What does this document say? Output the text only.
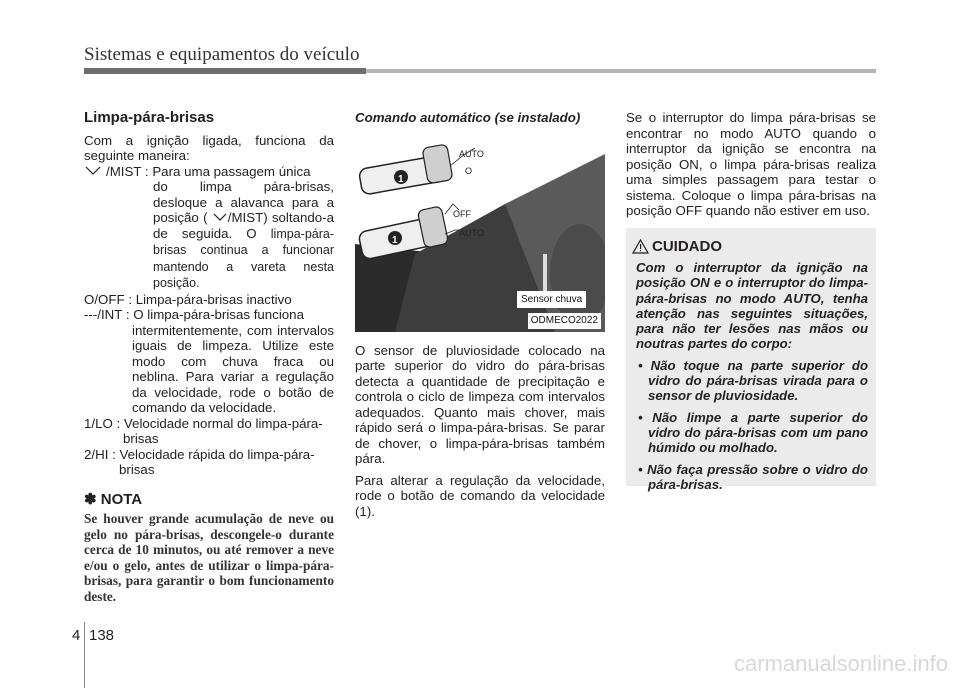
Sistemas e equipamentos do veículo
Limpa-pára-brisas

Com a ignição ligada, funciona da seguinte maneira:

/MIST : Para uma passagem única
do limpa pára-brisas, desloque a alavanca para a posição ( /MIST) soltando-a de seguida. O limpa-pára-brisas continua a funcionar mantendo a vareta nesta posição.
O/OFF : Limpa-pára-brisas inactivo
---/INT : O limpa-pára-brisas funciona
intermitentemente, com intervalos iguais de limpeza. Utilize este modo com chuva fraca ou neblina. Para variar a regulação da velocidade, rode o botão de comando da velocidade.
1/LO : Velocidade normal do limpa-pára-
brisas
2/HI : Velocidade rápida do limpa-pára-
brisas
✽ NOTA
Se houver grande acumulação de neve ou gelo no pára-brisas, descongele-o durante cerca de 10 minutos, ou até remover a neve e/ou o gelo, antes de utilizar o limpa-pára-brisas, para garantir o bom funcionamento deste.
Comando automático (se instalado)
AUTO
O
OFF
AUTO
1
1
Sensor chuva
ODMECO2022

O sensor de pluviosidade colocado na parte superior do vidro do pára-brisas detecta a quantidade de precipitação e controla o ciclo de limpeza com intervalos adequados. Quanto mais chover, mais rápido será o limpa-pára-brisas. Se parar de chover, o limpa-pára-brisas também pára.

Para alterar a regulação da velocidade, rode o botão de comando da velocidade (1).

Se o interruptor do limpa pára-brisas se encontrar no modo AUTO quando o interruptor da ignição se encontra na posição ON, o limpa pára-brisas realiza uma simples passagem para testar o sistema. Coloque o limpa pára-brisas na posição OFF quando não estiver em uso.

CUIDADO

Com o interruptor da ignição na posição ON e o interruptor do limpa-pára-brisas no modo AUTO, tenha atenção nas seguintes situações, para não ter lesões nas mãos ou noutras partes do corpo:

• Não toque na parte superior do vidro do pára-brisas virada para o sensor de pluviosidade.

• Não limpe a parte superior do vidro do pára-brisas com um pano húmido ou molhado.

• Não faça pressão sobre o vidro do pára-brisas.

4 138
carmanualsonline.info
